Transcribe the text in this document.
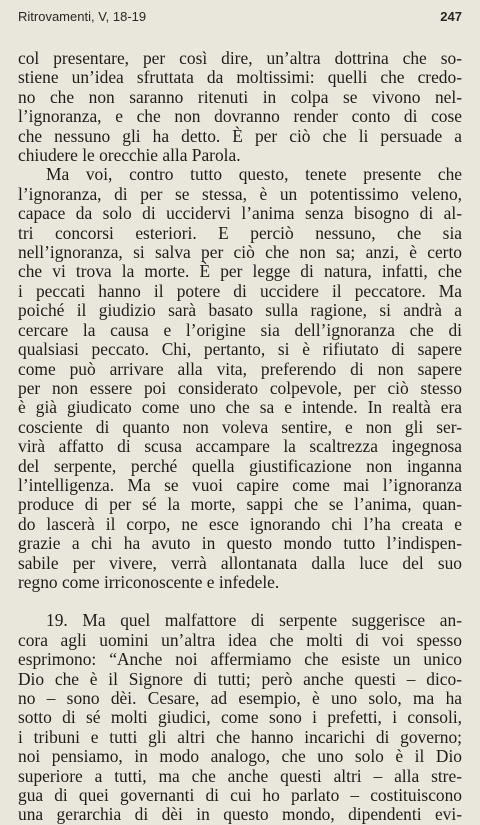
Ritrovamenti, V, 18-19	247
col presentare, per così dire, un’altra dottrina che so-
stiene un’idea sfruttata da moltissimi: quelli che credo-
no che non saranno ritenuti in colpa se vivono nel-
l’ignoranza, e che non dovranno render conto di cose
che nessuno gli ha detto. È per ciò che li persuade a
chiudere le orecchie alla Parola.
Ma voi, contro tutto questo, tenete presente che
l’ignoranza, di per se stessa, è un potentissimo veleno,
capace da solo di uccidervi l’anima senza bisogno di al-
tri concorsi esteriori. E perciò nessuno, che sia
nell’ignoranza, si salva per ciò che non sa; anzi, è certo
che vi trova la morte. È per legge di natura, infatti, che
i peccati hanno il potere di uccidere il peccatore. Ma
poiché il giudizio sarà basato sulla ragione, si andrà a
cercare la causa e l’origine sia dell’ignoranza che di
qualsiasi peccato. Chi, pertanto, si è rifiutato di sapere
come può arrivare alla vita, preferendo di non sapere
per non essere poi considerato colpevole, per ciò stesso
è già giudicato come uno che sa e intende. In realtà era
cosciente di quanto non voleva sentire, e non gli ser-
virà affatto di scusa accampare la scaltrezza ingegnosa
del serpente, perché quella giustificazione non inganna
l’intelligenza. Ma se vuoi capire come mai l’ignoranza
produce di per sé la morte, sappi che se l’anima, quan-
do lascerà il corpo, ne esce ignorando chi l’ha creata e
grazie a chi ha avuto in questo mondo tutto l’indispen-
sabile per vivere, verrà allontanata dalla luce del suo
regno come irriconoscente e infedele.
19. Ma quel malfattore di serpente suggerisce an-
cora agli uomini un’altra idea che molti di voi spesso
esprimono: “Anche noi affermiamo che esiste un unico
Dio che è il Signore di tutti; però anche questi – dico-
no – sono dèi. Cesare, ad esempio, è uno solo, ma ha
sotto di sé molti giudici, come sono i prefetti, i consoli,
i tribuni e tutti gli altri che hanno incarichi di governo;
noi pensiamo, in modo analogo, che uno solo è il Dio
superiore a tutti, ma che anche questi altri – alla stre-
gua di quei governanti di cui ho parlato – costituiscono
una gerarchia di dèi in questo mondo, dipendenti evi-
